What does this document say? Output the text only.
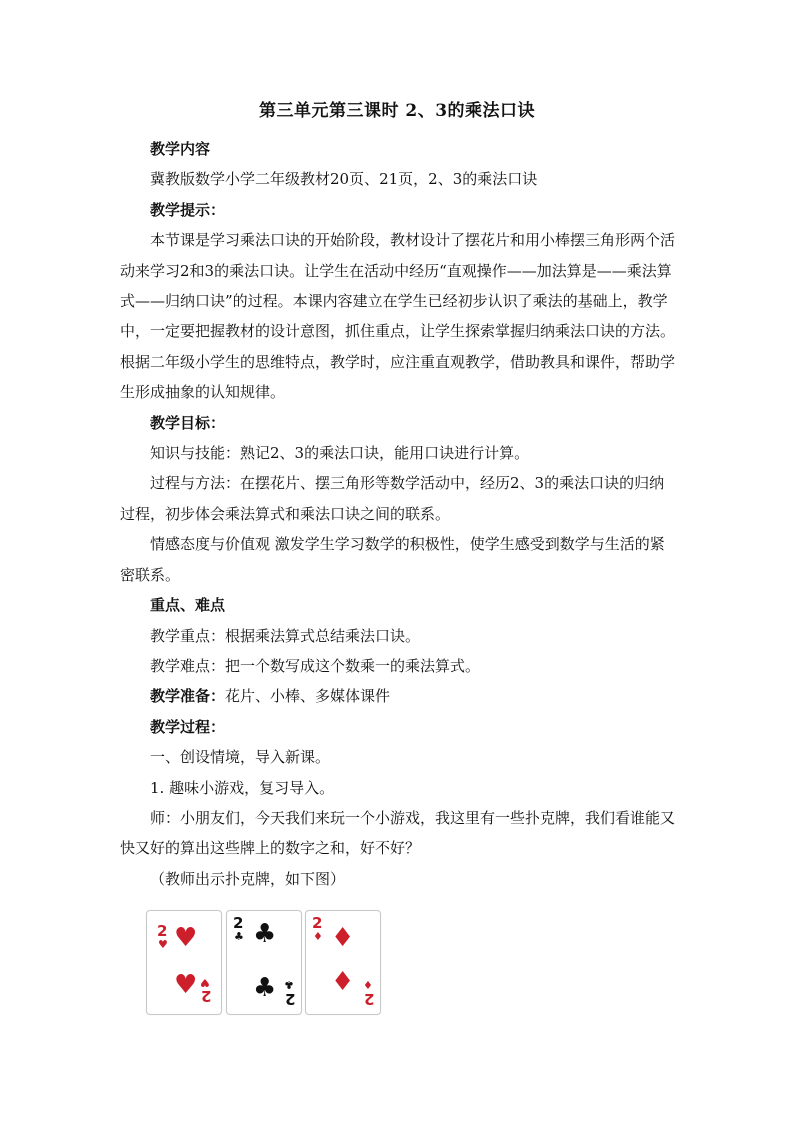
第三单元第三课时 2、3的乘法口诀

教学内容

冀教版数学小学二年级教材20页、21页，2、3的乘法口诀

教学提示：

本节课是学习乘法口诀的开始阶段，教材设计了摆花片和用小棒摆三角形两个活动来学习2和3的乘法口诀。让学生在活动中经历“直观操作——加法算是——乘法算式——归纳口诀”的过程。本课内容建立在学生已经初步认识了乘法的基础上，教学中，一定要把握教材的设计意图，抓住重点，让学生探索掌握归纳乘法口诀的方法。根据二年级小学生的思维特点，教学时，应注重直观教学，借助教具和课件，帮助学生形成抽象的认知规律。

教学目标：

知识与技能：熟记2、3的乘法口诀，能用口诀进行计算。

过程与方法：在摆花片、摆三角形等数学活动中，经历2、3的乘法口诀的归纳过程，初步体会乘法算式和乘法口诀之间的联系。

情感态度与价值观 激发学生学习数学的积极性，使学生感受到数学与生活的紧密联系。

重点、难点

教学重点：根据乘法算式总结乘法口诀。

教学难点：把一个数写成这个数乘一的乘法算式。

教学准备：花片、小棒、多媒体课件

教学过程：

一、创设情境，导入新课。

1. 趣味小游戏，复习导入。

师：小朋友们，今天我们来玩一个小游戏，我这里有一些扑克牌，我们看谁能又快又好的算出这些牌上的数字之和，好不好？

（教师出示扑克牌，如下图）

2
♥ ♥
♥ ♥
2
2
♣ ♣
♣ ♣
2
2
♦ ♦
♦ ♦
2
